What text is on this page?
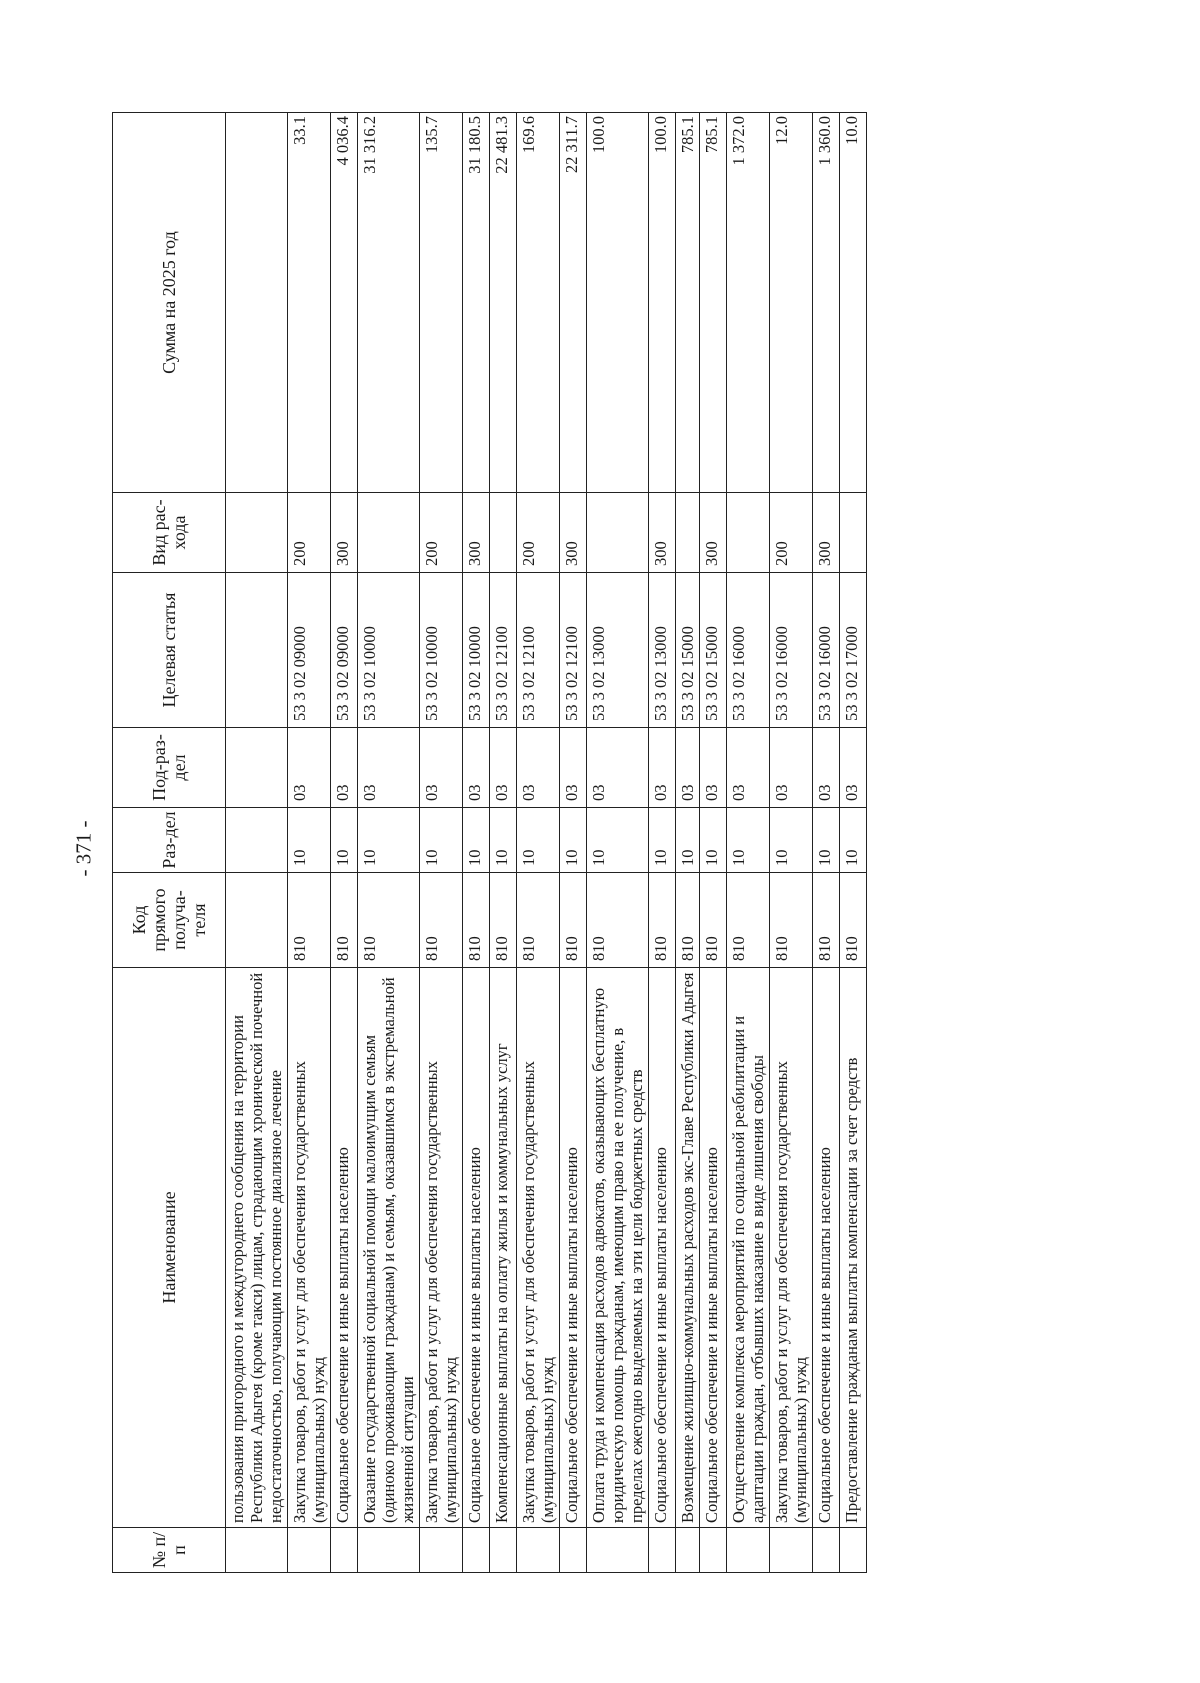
- 371 -
№ п/п	Наименование	Код прямого получа-теля	Раз-дел	Под-раз-дел	Целевая статья	Вид рас-хода	Сумма на 2025 год
	пользования пригородного и междугороднего сообщения на территории Республики Адыгея (кроме такси) лицам, страдающим хронической почечной недостаточностью, получающим постоянное диализное лечение						
	Закупка товаров, работ и услуг для обеспечения государственных (муниципальных) нужд	810	10	03	53 3 02 09000	200	33.1
	Социальное обеспечение и иные выплаты населению	810	10	03	53 3 02 09000	300	4 036.4
	Оказание государственной социальной помощи малоимущим семьям (одиноко проживающим гражданам) и семьям, оказавшимся в экстремальной жизненной ситуации	810	10	03	53 3 02 10000		31 316.2
	Закупка товаров, работ и услуг для обеспечения государственных (муниципальных) нужд	810	10	03	53 3 02 10000	200	135.7
	Социальное обеспечение и иные выплаты населению	810	10	03	53 3 02 10000	300	31 180.5
	Компенсационные выплаты на оплату жилья и коммунальных услуг	810	10	03	53 3 02 12100		22 481.3
	Закупка товаров, работ и услуг для обеспечения государственных (муниципальных) нужд	810	10	03	53 3 02 12100	200	169.6
	Социальное обеспечение и иные выплаты населению	810	10	03	53 3 02 12100	300	22 311.7
	Оплата труда и компенсация расходов адвокатов, оказывающих бесплатную юридическую помощь гражданам, имеющим право на ее получение, в пределах ежегодно выделяемых на эти цели бюджетных средств	810	10	03	53 3 02 13000		100.0
	Социальное обеспечение и иные выплаты населению	810	10	03	53 3 02 13000	300	100.0
	Возмещение жилищно-коммунальных расходов экс-Главе Республики Адыгея	810	10	03	53 3 02 15000		785.1
	Социальное обеспечение и иные выплаты населению	810	10	03	53 3 02 15000	300	785.1
	Осуществление комплекса мероприятий по социальной реабилитации и адаптации граждан, отбывших наказание в виде лишения свободы	810	10	03	53 3 02 16000		1 372.0
	Закупка товаров, работ и услуг для обеспечения государственных (муниципальных) нужд	810	10	03	53 3 02 16000	200	12.0
	Социальное обеспечение и иные выплаты населению	810	10	03	53 3 02 16000	300	1 360.0
	Предоставление гражданам выплаты компенсации за счет средств	810	10	03	53 3 02 17000		10.0
